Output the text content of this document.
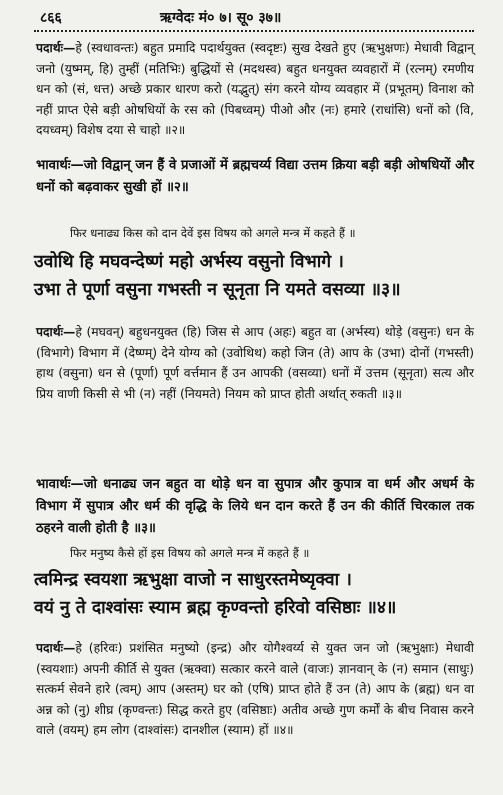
८६६	ऋग्वेदः मं० ७। सू० ३७॥
पदार्थः—हे (स्वधावन्तः) बहुत प्रमादि पदार्थयुक्त (स्वदृष्टः) सुख देखते हुए (ऋभुक्षणः) मेधावी विद्वान् जनो (युष्मम्, हि) तुम्हीं (मतिभिः) बुद्धियों से (मदथस्व) बहुत धनयुक्त व्यवहारों में (रत्नम्) रमणीय धन को (सं, धत्त) अच्छे प्रकार धारण करो (यद्भुत्) संग करने योग्य व्यवहार में (प्रभूतम्) विनाश को नहीं प्राप्त ऐसे बड़ी ओषधियों के रस को (पिबध्वम्) पीओ और (नः) हमारे (राधांसि) धनों को (वि, दयध्वम्) विशेष दया से चाहो ॥२॥
भावार्थः—जो विद्वान् जन हैं वे प्रजाओं में ब्रह्मचर्य्य विद्या उत्तम क्रिया बड़ी बड़ी ओषधियों और धनों को बढ़वाकर सुखी हों ॥२॥
फिर धनाढ्य किस को दान देवें इस विषय को अगले मन्त्र में कहते हैं ॥
उवोथि हि मघवन्देष्णं महो अर्भस्य वसुनो विभागे ।
उभा ते पूर्णा वसुना गभस्ती न सूनृता नि यमते वसव्या ॥३॥
पदार्थः—हे (मघवन्) बहुधनयुक्त (हि) जिस से आप (अहः) बहुत वा (अर्भस्य) थोड़े (वसुनः) धन के (विभागे) विभाग में (देष्ण्म्) देने योग्य को (उवोथिथ) कहो जिन (ते) आप के (उभा) दोनों (गभस्ती) हाथ (वसुना) धन से (पूर्णा) पूर्ण वर्त्तमान हैं उन आपकी (वसव्या) धनों में उत्तम (सूनृता) सत्य और प्रिय वाणी किसी से भी (न) नहीं (नियमते) नियम को प्राप्त होती अर्थात् रुकती ॥३॥
भावार्थः—जो धनाढ्य जन बहुत वा थोड़े धन वा सुपात्र और कुपात्र वा धर्म और अधर्म के विभाग में सुपात्र और धर्म की वृद्धि के लिये धन दान करते हैं उन की कीर्ति चिरकाल तक ठहरने वाली होती है ॥३॥
फिर मनुष्य कैसे हों इस विषय को अगले मन्त्र में कहते हैं ॥
त्वमिन्द्र स्वयशा ऋभुक्षा वाजो न साधुरस्तमेष्यृक्वा ।
वयं नु ते दाश्वांसः स्याम ब्रह्म कृण्वन्तो हरिवो वसिष्ठाः ॥४॥
पदार्थः—हे (हरिवः) प्रशंसित मनुष्यो (इन्द्र) और योगैश्वर्य्य से युक्त जन जो (ऋभुक्षाः) मेधावी (स्वयशाः) अपनी कीर्ति से युक्त (ऋक्वा) सत्कार करने वाले (वाजः) ज्ञानवान् के (न) समान (साधुः) सत्कर्म सेवने हारे (त्वम्) आप (अस्तम्) घर को (एषि) प्राप्त होते हैं उन (ते) आप के (ब्रह्म) धन वा अन्न को (नु) शीघ्र (कृण्वन्तः) सिद्ध करते हुए (वसिष्ठाः) अतीव अच्छे गुण कर्मों के बीच निवास करने वाले (वयम्) हम लोग (दाश्वांसः) दानशील (स्याम) हों ॥४॥
